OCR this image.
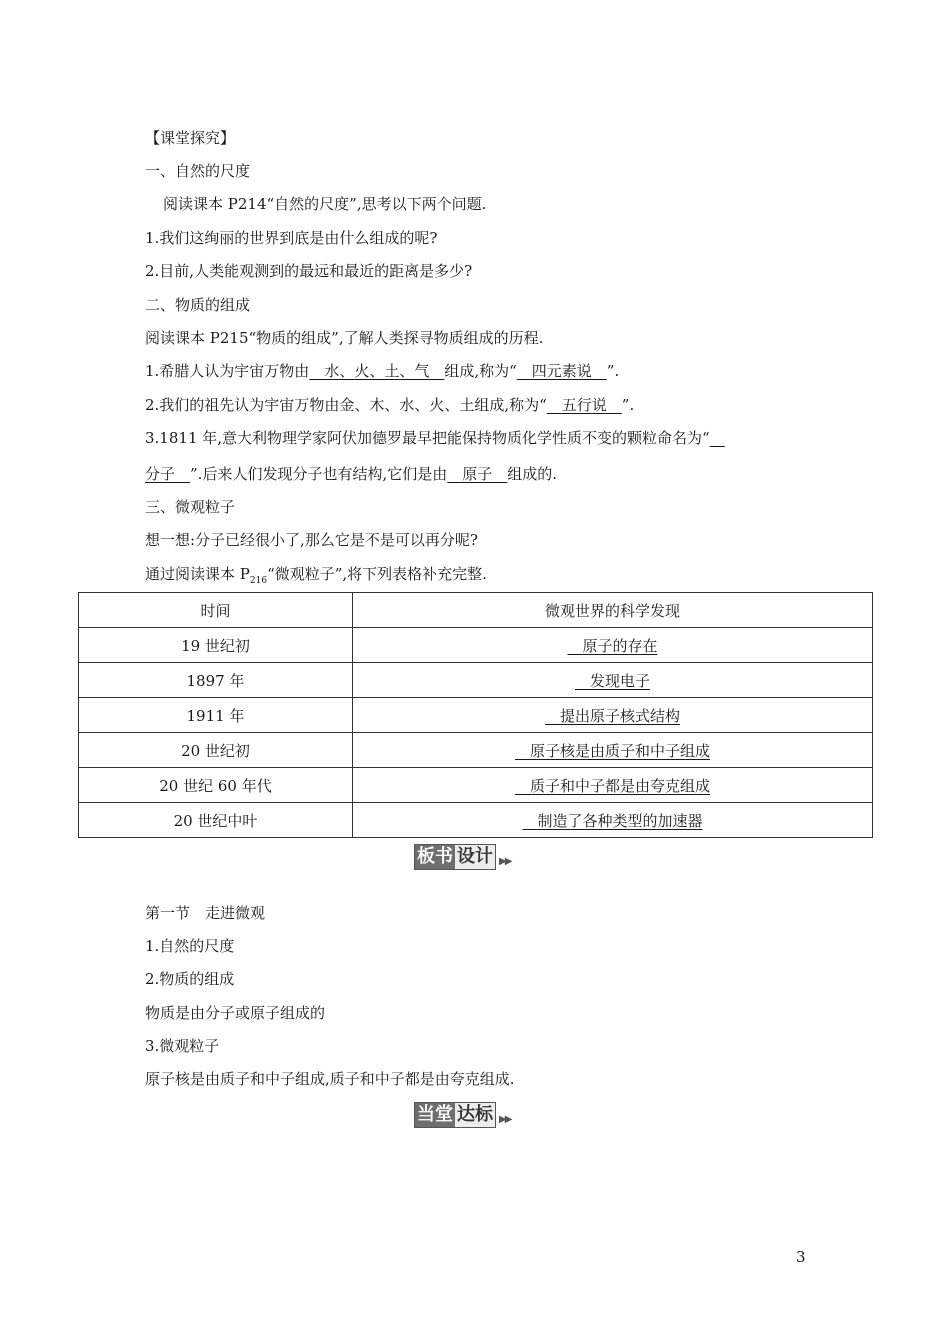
【课堂探究】
一、自然的尺度
阅读课本 P214“自然的尺度”,思考以下两个问题.
1.我们这绚丽的世界到底是由什么组成的呢?
2.目前,人类能观测到的最远和最近的距离是多少?
二、物质的组成
阅读课本 P215“物质的组成”,了解人类探寻物质组成的历程.
1.希腊人认为宇宙万物由　水、火、土、气　组成,称为“　四元素说　”.
2.我们的祖先认为宇宙万物由金、木、水、火、土组成,称为“　五行说　”.
3.1811 年,意大利物理学家阿伏加德罗最早把能保持物质化学性质不变的颗粒命名为“　
分子　”.后来人们发现分子也有结构,它们是由　原子　组成的.
三、微观粒子
想一想:分子已经很小了,那么它是不是可以再分呢?
通过阅读课本 $P_{216}“$微观粒子”,将下列表格补充完整.
时间	微观世界的科学发现
19 世纪初	　原子的存在
1897 年	　发现电子
1911 年	　提出原子核式结构
20 世纪初	　原子核是由质子和中子组成
20 世纪 60 年代	　质子和中子都是由夸克组成
20 世纪中叶	　制造了各种类型的加速器
板书 设计 ▶▶
第一节　走进微观
1.自然的尺度
2.物质的组成
物质是由分子或原子组成的
3.微观粒子
原子核是由质子和中子组成,质子和中子都是由夸克组成.
当堂 达标 ▶▶
3
